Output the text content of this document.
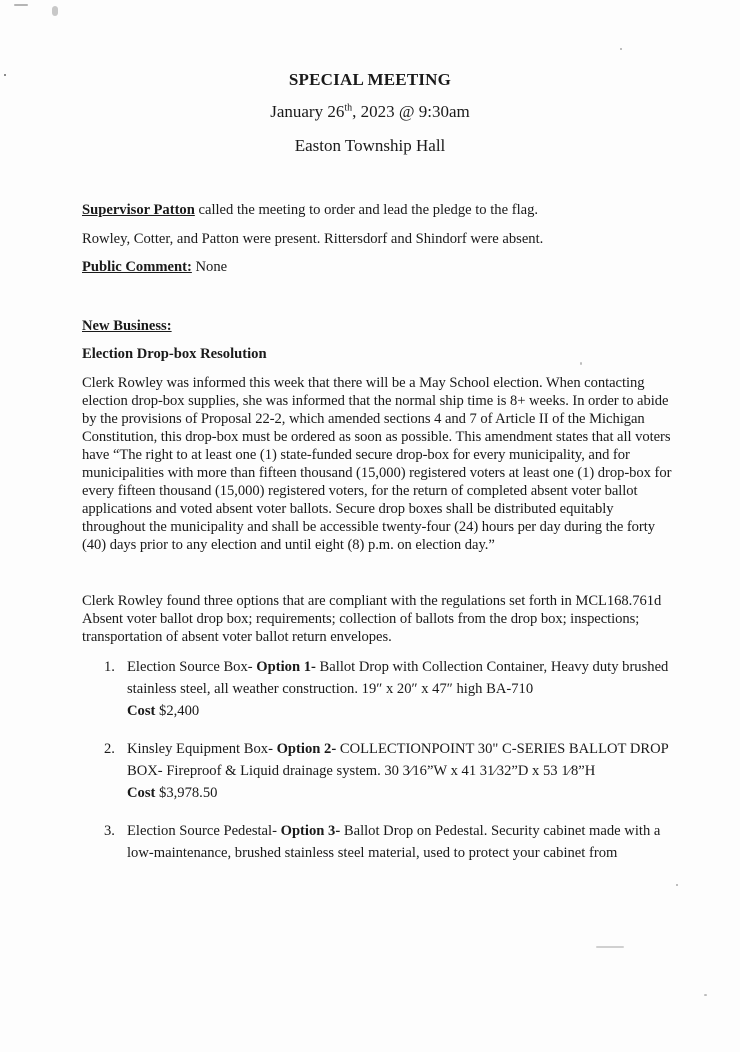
SPECIAL MEETING
January 26th, 2023 @ 9:30am
Easton Township Hall
Supervisor Patton called the meeting to order and lead the pledge to the flag.
Rowley, Cotter, and Patton were present. Rittersdorf and Shindorf were absent.
Public Comment: None
New Business:
Election Drop-box Resolution
Clerk Rowley was informed this week that there will be a May School election. When contacting election drop-box supplies, she was informed that the normal ship time is 8+ weeks. In order to abide by the provisions of Proposal 22-2, which amended sections 4 and 7 of Article II of the Michigan Constitution, this drop-box must be ordered as soon as possible. This amendment states that all voters have “The right to at least one (1) state-funded secure drop-box for every municipality, and for municipalities with more than fifteen thousand (15,000) registered voters at least one (1) drop-box for every fifteen thousand (15,000) registered voters, for the return of completed absent voter ballot applications and voted absent voter ballots. Secure drop boxes shall be distributed equitably throughout the municipality and shall be accessible twenty-four (24) hours per day during the forty (40) days prior to any election and until eight (8) p.m. on election day.”
Clerk Rowley found three options that are compliant with the regulations set forth in MCL168.761d Absent voter ballot drop box; requirements; collection of ballots from the drop box; inspections; transportation of absent voter ballot return envelopes.
1. Election Source Box- Option 1- Ballot Drop with Collection Container, Heavy duty brushed stainless steel, all weather construction. 19″ x 20″ x 47″ high BA-710
Cost $2,400
2. Kinsley Equipment Box- Option 2- COLLECTIONPOINT 30" C-SERIES BALLOT DROP BOX- Fireproof & Liquid drainage system. 30 3⁄16”W x 41 31⁄32”D x 53 1⁄8”H
Cost $3,978.50
3. Election Source Pedestal- Option 3- Ballot Drop on Pedestal. Security cabinet made with a low-maintenance, brushed stainless steel material, used to protect your cabinet from
